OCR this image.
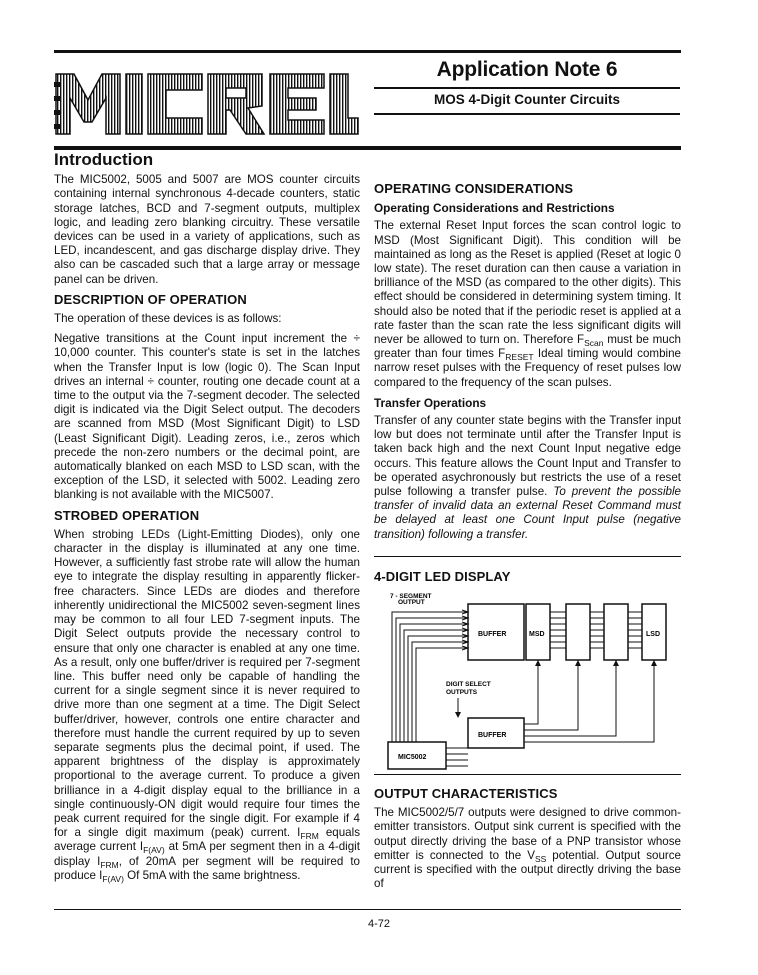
Application Note 6
MOS 4-Digit Counter Circuits
Introduction

The MIC5002, 5005 and 5007 are MOS counter circuits containing internal synchronous 4-decade counters, static storage latches, BCD and 7-segment outputs, multiplex logic, and leading zero blanking circuitry. These versatile devices can be used in a variety of applications, such as LED, incandescent, and gas discharge display drive. They also can be cascaded such that a large array or message panel can be driven.

DESCRIPTION OF OPERATION

The operation of these devices is as follows:

Negative transitions at the Count input increment the ÷ 10,000 counter. This counter's state is set in the latches when the Transfer Input is low (logic 0). The Scan Input drives an internal ÷ counter, routing one decade count at a time to the output via the 7-segment decoder. The selected digit is indicated via the Digit Select output. The decoders are scanned from MSD (Most Significant Digit) to LSD (Least Significant Digit). Leading zeros, i.e., zeros which precede the non-zero numbers or the decimal point, are automatically blanked on each MSD to LSD scan, with the exception of the LSD, it selected with 5002. Leading zero blanking is not available with the MIC5007.

STROBED OPERATION

When strobing LEDs (Light-Emitting Diodes), only one character in the display is illuminated at any one time. However, a sufficiently fast strobe rate will allow the human eye to integrate the display resulting in apparently flicker-free characters. Since LEDs are diodes and therefore inherently unidirectional the MIC5002 seven-segment lines may be common to all four LED 7-segment inputs. The Digit Select outputs provide the necessary control to ensure that only one character is enabled at any one time. As a result, only one buffer/driver is required per 7-segment line. This buffer need only be capable of handling the current for a single segment since it is never required to drive more than one segment at a time. The Digit Select buffer/driver, however, controls one entire character and therefore must handle the current required by up to seven separate segments plus the decimal point, if used. The apparent brightness of the display is approximately proportional to the average current. To produce a given brilliance in a 4-digit display equal to the brilliance in a single continuously-ON digit would require four times the peak current required for the single digit. For example if 4 for a single digit maximum (peak) current. $I_{FRM}$ equals average current $I_{F(AV)}$ at 5mA per segment then in a 4-digit display $I_{FRM}$, of 20mA per segment will be required to produce $I_{F(AV)}$ Of 5mA with the same brightness.

OPERATING CONSIDERATIONS
Operating Considerations and Restrictions

The external Reset Input forces the scan control logic to MSD (Most Significant Digit). This condition will be maintained as long as the Reset is applied (Reset at logic 0 low state). The reset duration can then cause a variation in brilliance of the MSD (as compared to the other digits). This effect should be considered in determining system timing. It should also be noted that if the periodic reset is applied at a rate faster than the scan rate the less significant digits will never be allowed to turn on. Therefore $F_{Scan}$ must be much greater than four times $F_{RESET}$ Ideal timing would combine narrow reset pulses with the Frequency of reset pulses low compared to the frequency of the scan pulses.

Transfer Operations

Transfer of any counter state begins with the Transfer input low but does not terminate until after the Transfer Input is taken back high and the next Count Input negative edge occurs. This feature allows the Count Input and Transfer to be operated asychronously but restricts the use of a reset pulse following a transfer pulse. To prevent the possible transfer of invalid data an external Reset Command must be delayed at least one Count Input pulse (negative transition) following a transfer.

4-DIGIT LED DISPLAY
7 - SEGMENT
OUTPUT
BUFFER	MSD	LSD
DIGIT SELECT
OUTPUTS
MIC5002
BUFFER
OUTPUT CHARACTERISTICS

The MIC5002/5/7 outputs were designed to drive common-emitter transistors. Output sink current is specified with the output directly driving the base of a PNP transistor whose emitter is connected to the $V_{SS}$ potential. Output source current is specified with the output directly driving the base of

4-72
